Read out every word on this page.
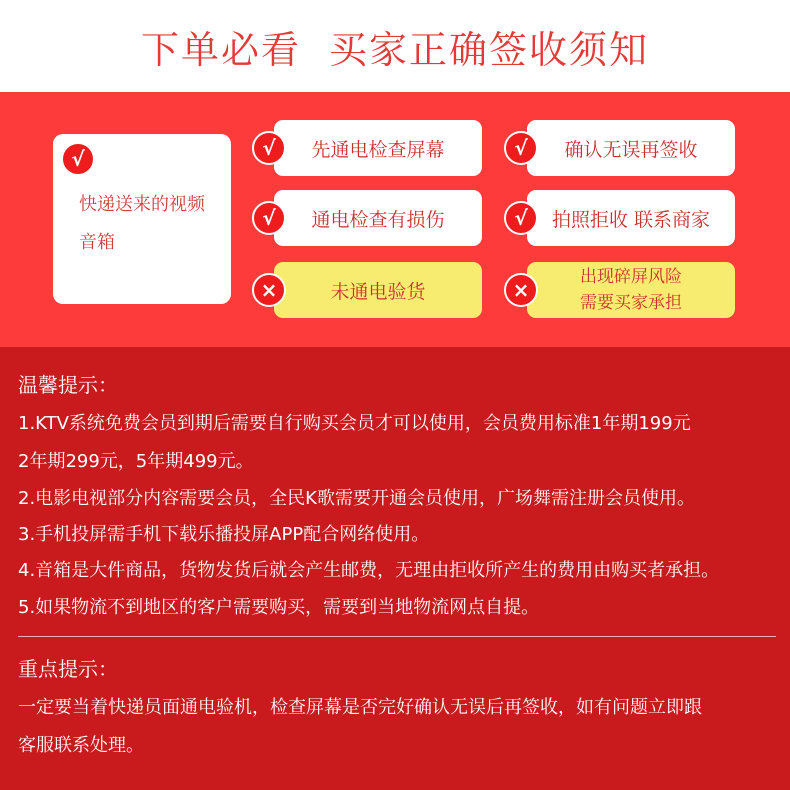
下单必看 买家正确签收须知
√
快递送来的视频音箱
先通电检查屏幕
√	确认无误再签收
√
通电检查有损伤
√	拍照拒收 联系商家
√
未通电验货
×
出现碎屏风险
需要买家承担
×
温馨提示：
1.KTV系统免费会员到期后需要自行购买会员才可以使用，会员费用标准1年期199元
2年期299元，5年期499元。
2.电影电视部分内容需要会员，全民K歌需要开通会员使用，广场舞需注册会员使用。
3.手机投屏需手机下载乐播投屏APP配合网络使用。
4.音箱是大件商品，货物发货后就会产生邮费，无理由拒收所产生的费用由购买者承担。
5.如果物流不到地区的客户需要购买，需要到当地物流网点自提。
重点提示：
一定要当着快递员面通电验机，检查屏幕是否完好确认无误后再签收，如有问题立即跟
客服联系处理。
